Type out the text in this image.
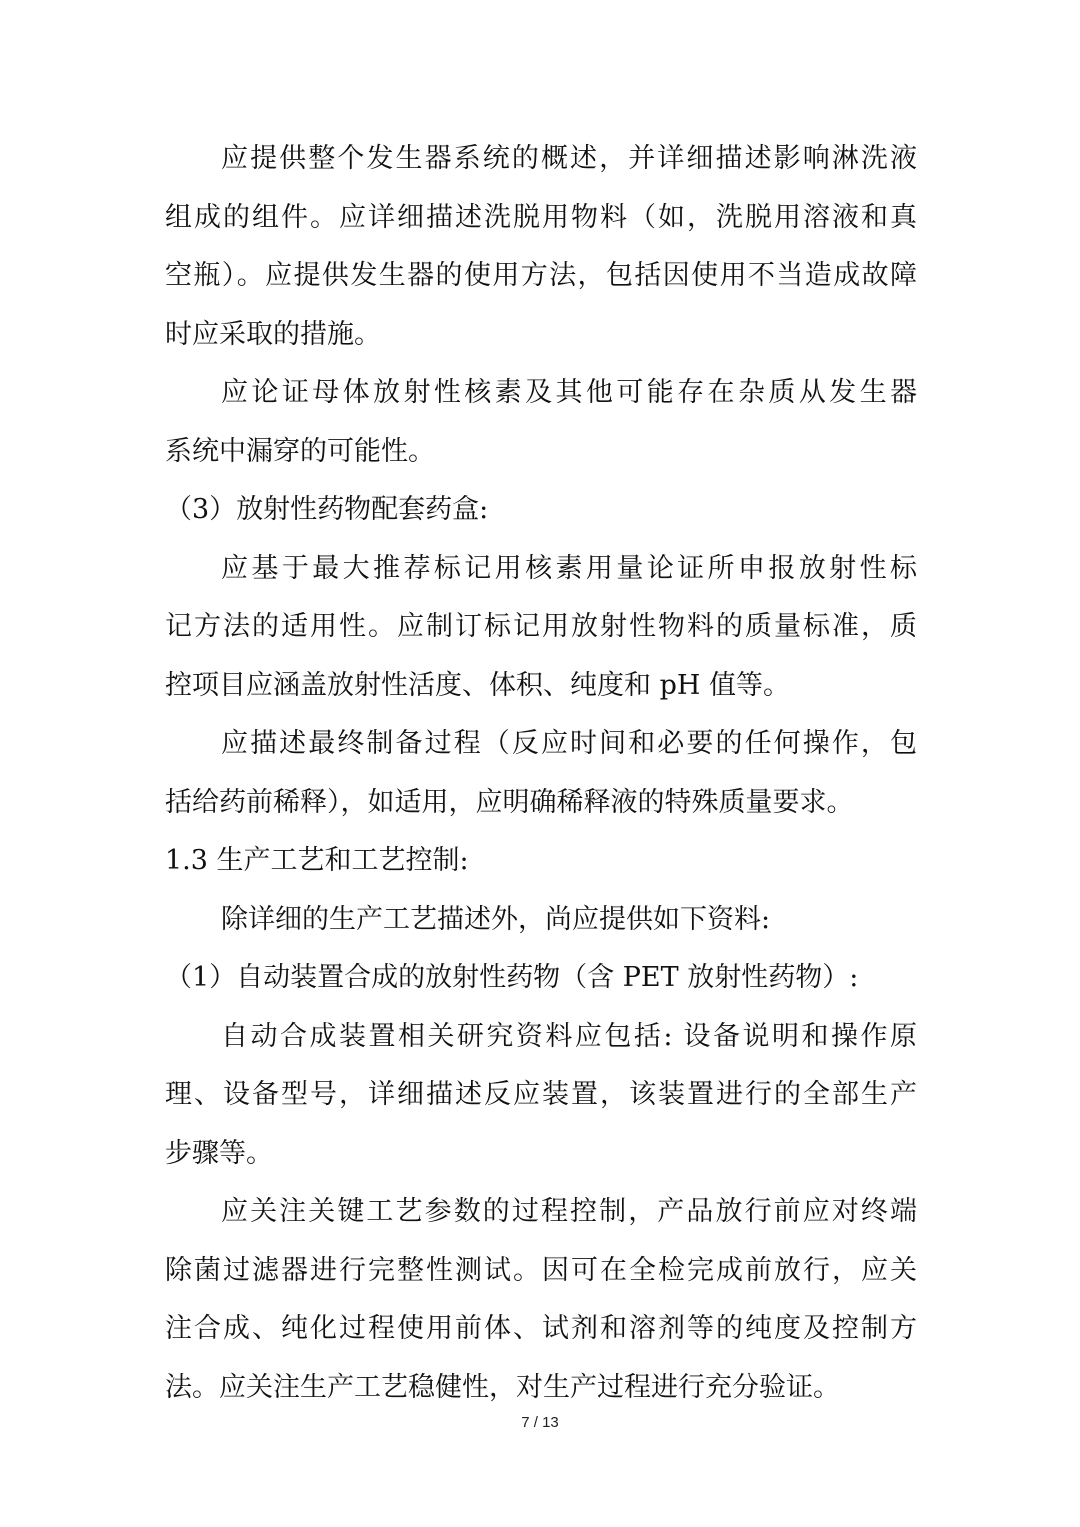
应提供整个发生器系统的概述，并详细描述影响淋洗液
组成的组件。应详细描述洗脱用物料（如，洗脱用溶液和真
空瓶）。应提供发生器的使用方法，包括因使用不当造成故障
时应采取的措施。
应论证母体放射性核素及其他可能存在杂质从发生器
系统中漏穿的可能性。
（3）放射性药物配套药盒:
应基于最大推荐标记用核素用量论证所申报放射性标
记方法的适用性。应制订标记用放射性物料的质量标准，质
控项目应涵盖放射性活度、体积、纯度和 pH 值等。
应描述最终制备过程（反应时间和必要的任何操作，包
括给药前稀释），如适用，应明确稀释液的特殊质量要求。
1.3 生产工艺和工艺控制:
除详细的生产工艺描述外，尚应提供如下资料:
（1）自动装置合成的放射性药物（含 PET 放射性药物）:
自动合成装置相关研究资料应包括: 设备说明和操作原
理、设备型号，详细描述反应装置，该装置进行的全部生产
步骤等。
应关注关键工艺参数的过程控制，产品放行前应对终端
除菌过滤器进行完整性测试。因可在全检完成前放行，应关
注合成、纯化过程使用前体、试剂和溶剂等的纯度及控制方
法。应关注生产工艺稳健性，对生产过程进行充分验证。
7 / 13
